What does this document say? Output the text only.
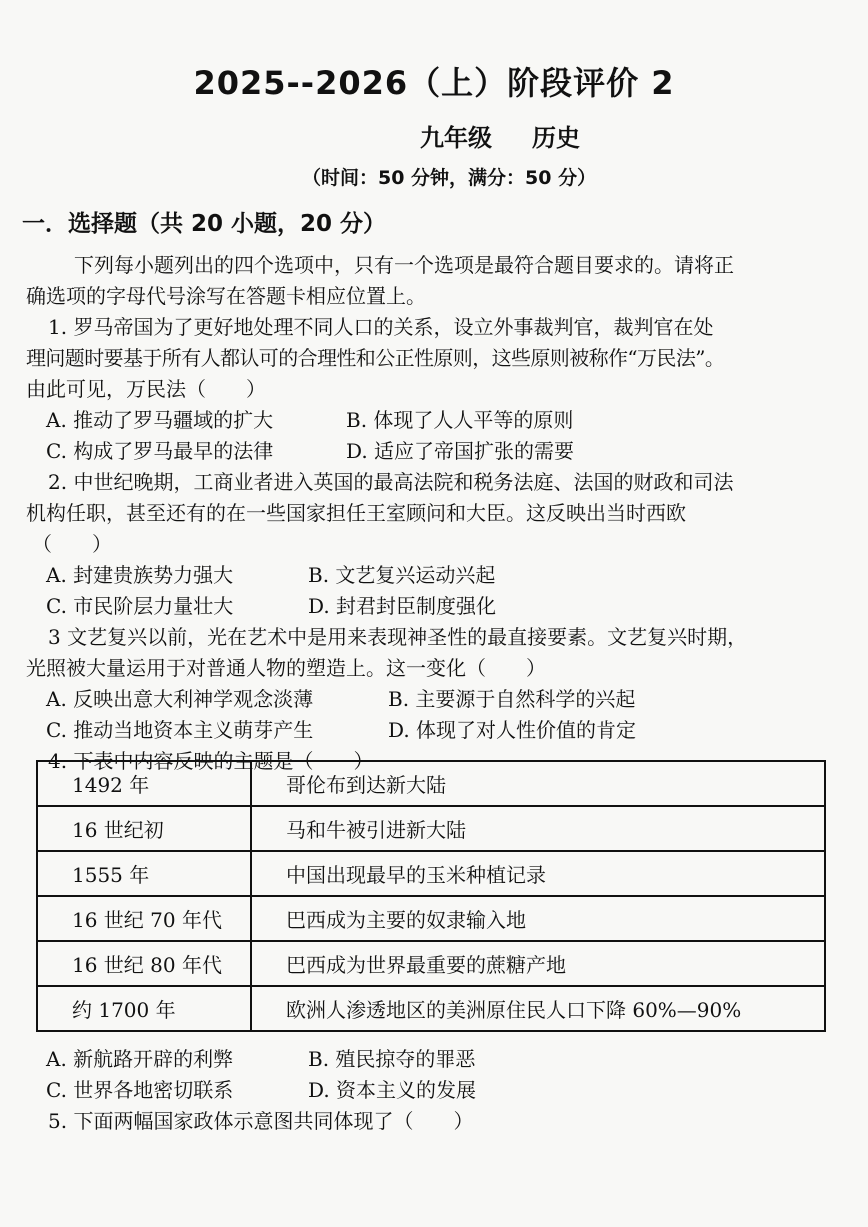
2025--2026（上）阶段评价 2
九年级 历史
（时间：50 分钟，满分：50 分）
一．选择题（共 20 小题，20 分）
下列每小题列出的四个选项中，只有一个选项是最符合题目要求的。请将正
确选项的字母代号涂写在答题卡相应位置上。
1. 罗马帝国为了更好地处理不同人口的关系，设立外事裁判官，裁判官在处
理问题时要基于所有人都认可的合理性和公正性原则，这些原则被称作“万民法”。
由此可见，万民法（　　）
A. 推动了罗马疆域的扩大	B. 体现了人人平等的原则
C. 构成了罗马最早的法律	D. 适应了帝国扩张的需要
2. 中世纪晚期，工商业者进入英国的最高法院和税务法庭、法国的财政和司法
机构任职，甚至还有的在一些国家担任王室顾问和大臣。这反映出当时西欧
（　　）
A. 封建贵族势力强大	B. 文艺复兴运动兴起
C. 市民阶层力量壮大	D. 封君封臣制度强化
3 文艺复兴以前，光在艺术中是用来表现神圣性的最直接要素。文艺复兴时期，
光照被大量运用于对普通人物的塑造上。这一变化（　　）
A. 反映出意大利神学观念淡薄	B. 主要源于自然科学的兴起
C. 推动当地资本主义萌芽产生	D. 体现了对人性价值的肯定
4. 下表中内容反映的主题是（　　）
1492 年	哥伦布到达新大陆
16 世纪初	马和牛被引进新大陆
1555 年	中国出现最早的玉米种植记录
16 世纪 70 年代	巴西成为主要的奴隶输入地
16 世纪 80 年代	巴西成为世界最重要的蔗糖产地
约 1700 年	欧洲人渗透地区的美洲原住民人口下降 60%—90%
A. 新航路开辟的利弊	B. 殖民掠夺的罪恶
C. 世界各地密切联系	D. 资本主义的发展
5. 下面两幅国家政体示意图共同体现了（　　）
